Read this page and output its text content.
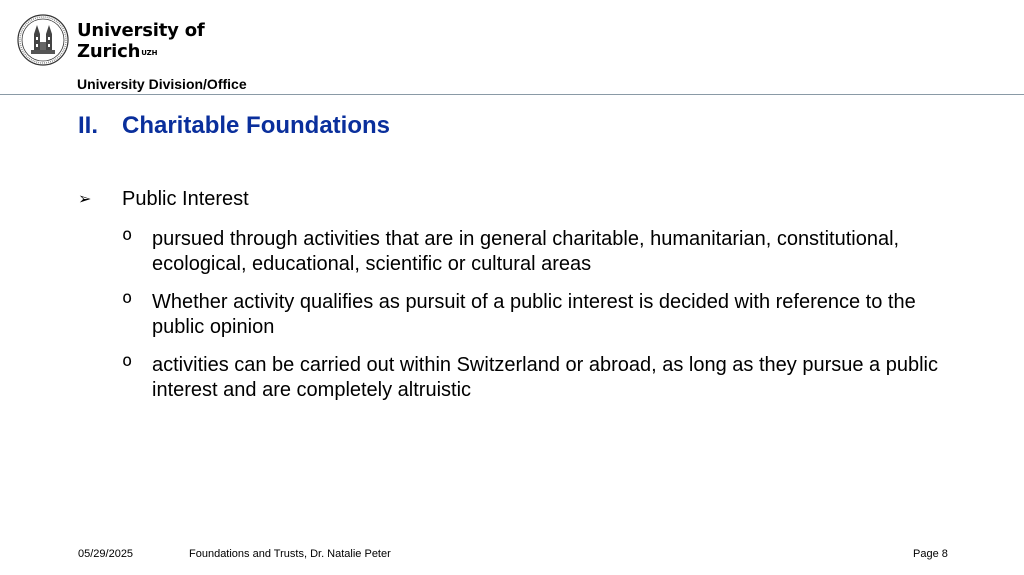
University of
Zurich$^{UZH}$
University Division/Office
II. Charitable Foundations
➢ Public Interest
o pursued through activities that are in general charitable, humanitarian, constitutional, ecological, educational, scientific or cultural areas
o Whether activity qualifies as pursuit of a public interest is decided with reference to the public opinion
o activities can be carried out within Switzerland or abroad, as long as they pursue a public interest and are completely altruistic
05/29/2025	Foundations and Trusts, Dr. Natalie Peter	Page 8
